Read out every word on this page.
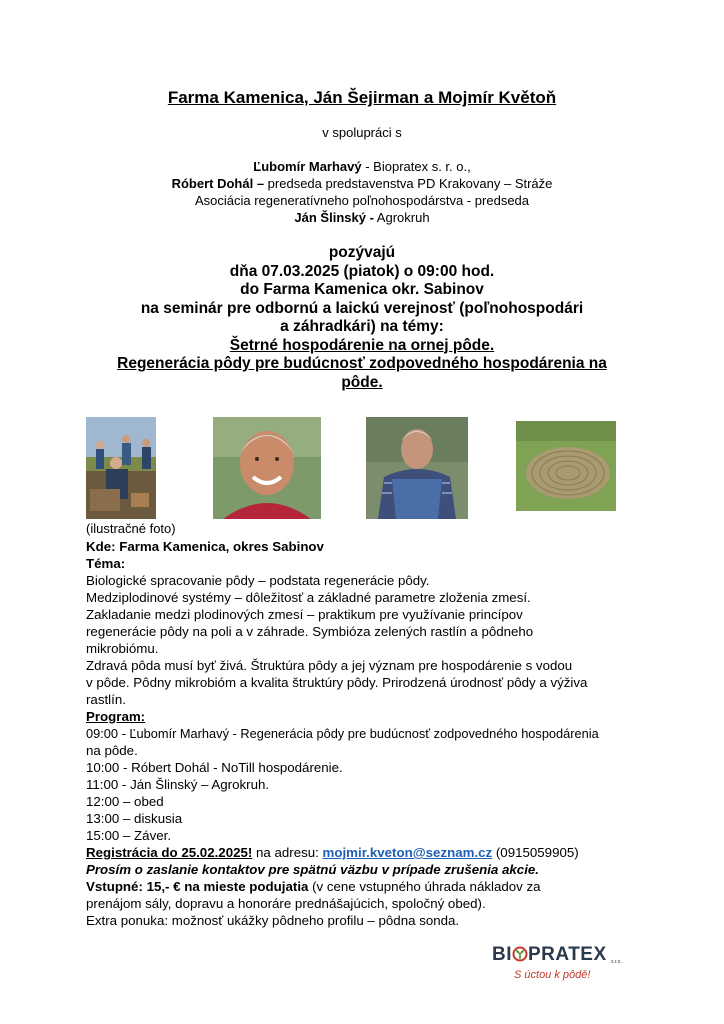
Farma Kamenica, Ján Šejirman a Mojmír Květoň
v spolupráci s
Ľubomír Marhavý - Biopratex s. r. o.,
Róbert Dohál – predseda predstavenstva PD Krakovany – Stráže
Asociácia regeneratívneho poľnohospodárstva - predseda
Ján Šlinský - Agrokruh
pozývajú
dňa 07.03.2025 (piatok) o 09:00 hod.
do Farma Kamenica okr. Sabinov
na seminár pre odbornú a laickú verejnosť (poľnohospodári
a záhradkári) na témy:
Šetrné hospodárenie na ornej pôde.
Regenerácia pôdy pre budúcnosť zodpovedného hospodárenia na
pôde.
(ilustračné foto)

Kde: Farma Kamenica, okres Sabinov

Téma:

Biologické spracovanie pôdy – podstata regenerácie pôdy.

Medziplodinové systémy – dôležitosť a základné parametre zloženia zmesí.

Zakladanie medzi plodinových zmesí – praktikum pre využívanie princípov

regenerácie pôdy na poli a v záhrade. Symbióza zelených rastlín a pôdneho

mikrobiómu.

Zdravá pôda musí byť živá. Štruktúra pôdy a jej význam pre hospodárenie s vodou

v pôde. Pôdny mikrobióm a kvalita štruktúry pôdy. Prirodzená úrodnosť pôdy a výživa

rastlín.

Program:

09:00 - Ľubomír Marhavý - Regenerácia pôdy pre budúcnosť zodpovedného hospodárenia

na pôde.

10:00 - Róbert Dohál - NoTill hospodárenie.

11:00 - Ján Šlinský – Agrokruh.

12:00 – obed

13:00 – diskusia

15:00 – Záver.

Registrácia do 25.02.2025! na adresu: mojmir.kveton@seznam.cz (0915059905)

Prosím o zaslanie kontaktov pre spätnú väzbu v prípade zrušenia akcie.

Vstupné: 15,- € na mieste podujatia (v cene vstupného úhrada nákladov za

prenájom sály, dopravu a honoráre prednášajúcich, spoločný obed).

Extra ponuka: možnosť ukážky pôdneho profilu – pôdna sonda.

BI PRATEX s.r.o.
S úctou k pôdě!
